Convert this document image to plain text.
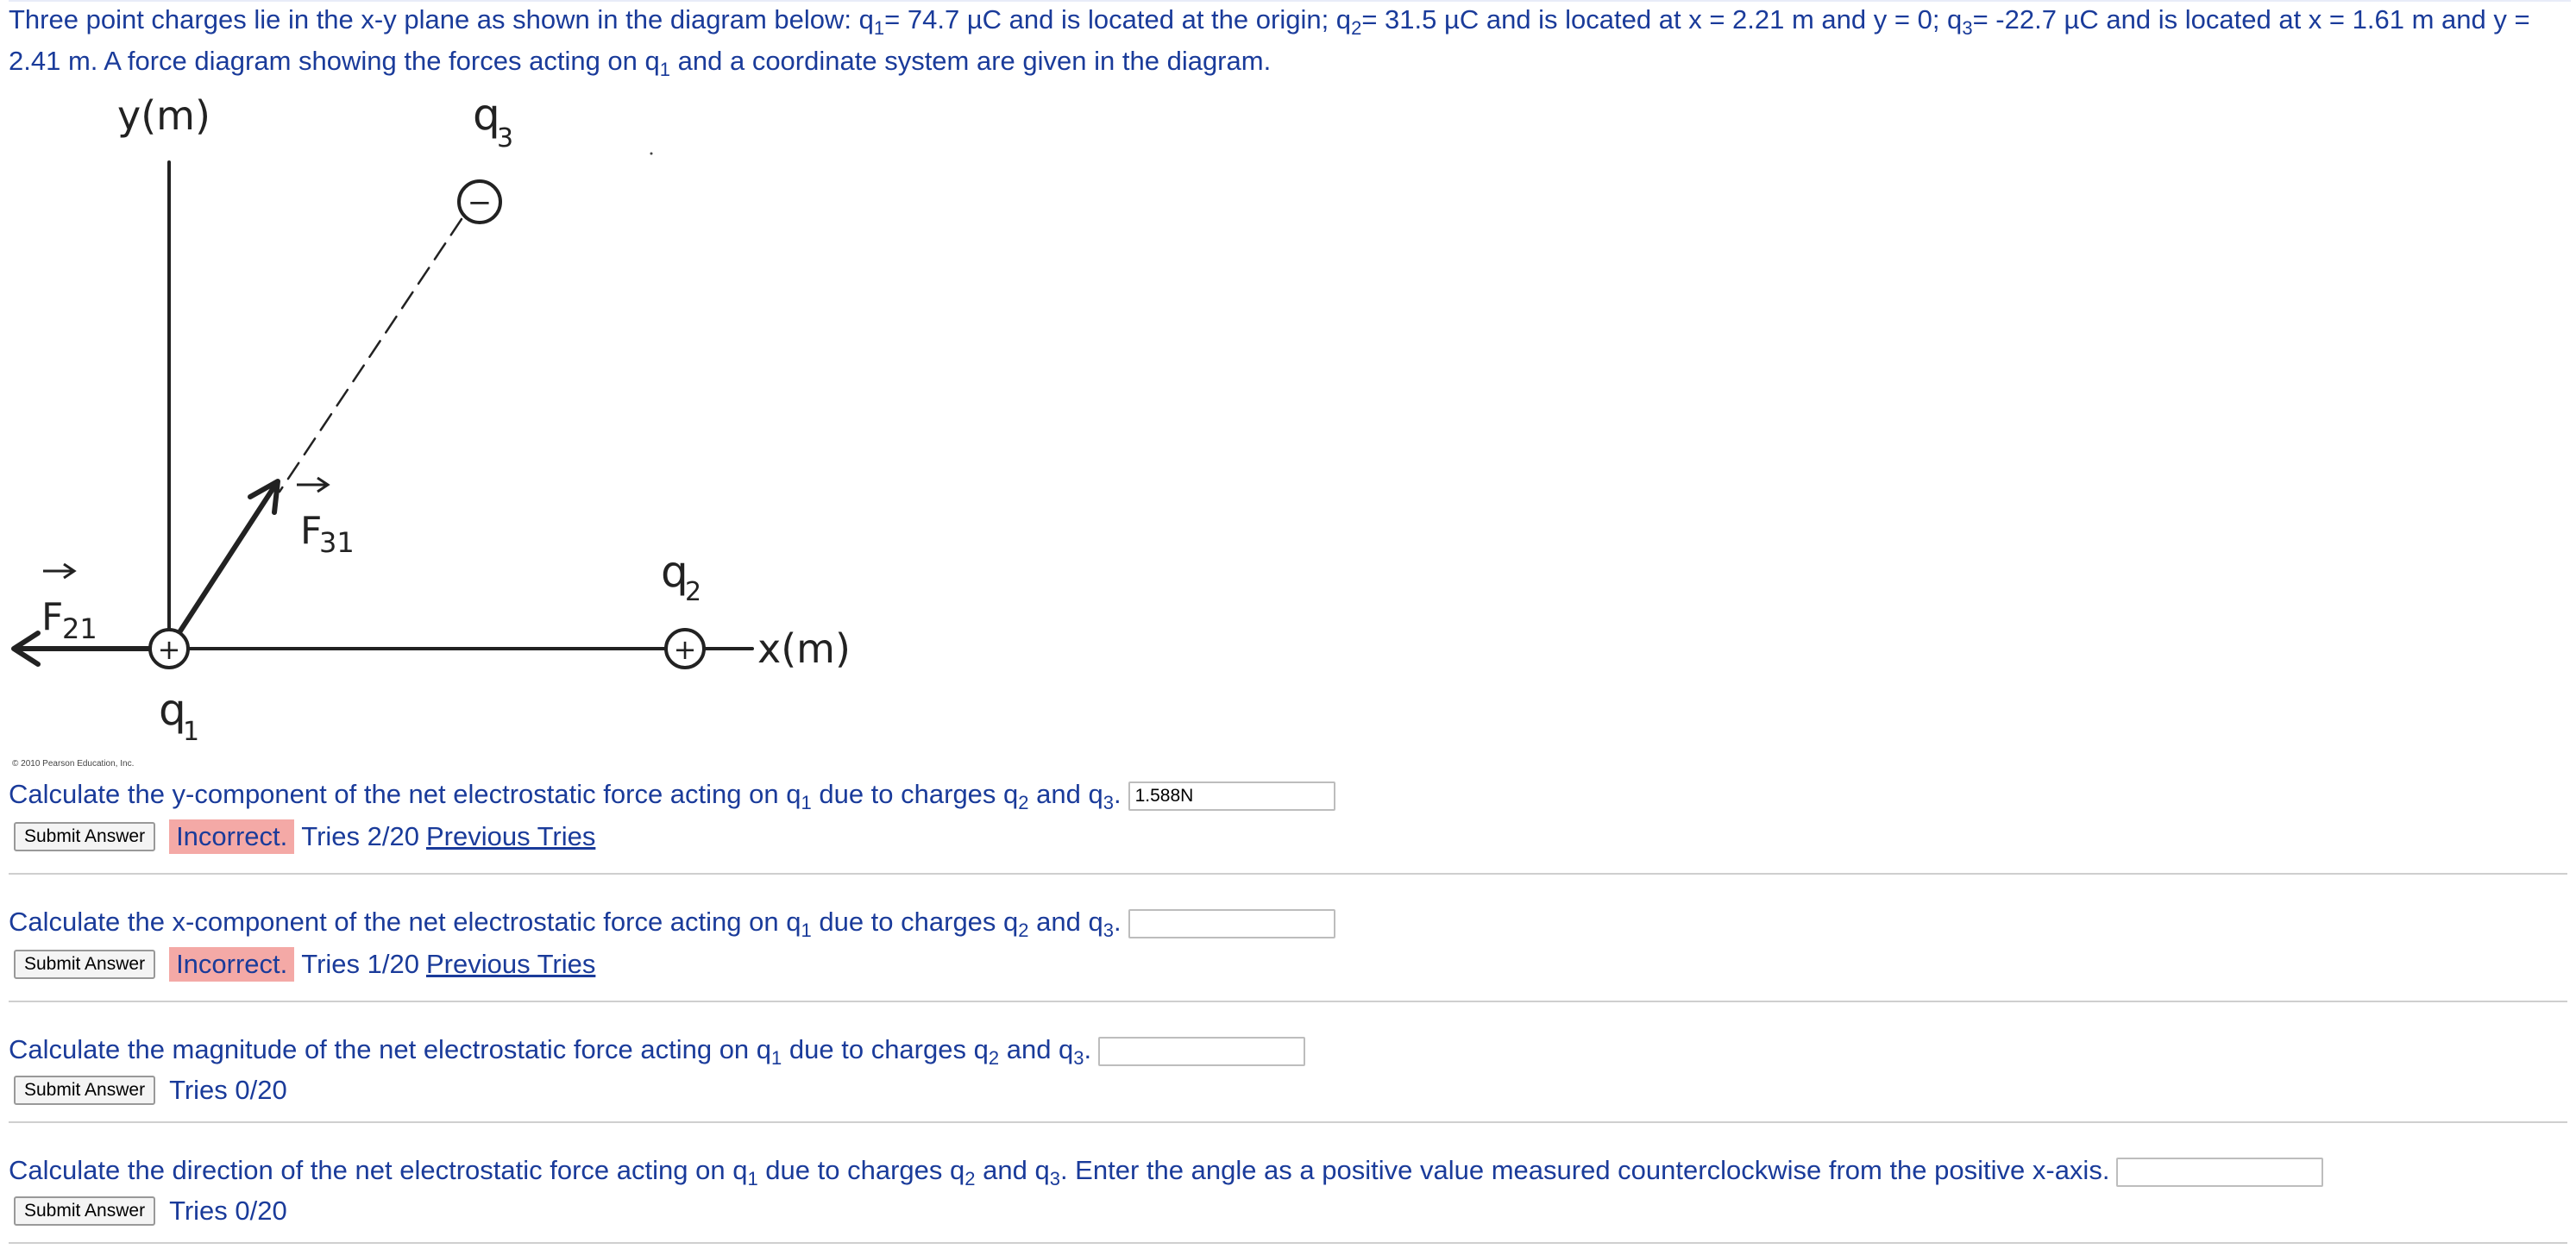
Three point charges lie in the x-y plane as shown in the diagram below: $q_1= 74.7$ µC and is located at the origin; $q_2= 31.5$ µC and is located at x = 2.21 m and y = 0; $q_3= -22.7$ µC and is located at x = 1.61 m and y = 2.41 m. A force diagram showing the forces acting on $q_1$ and a coordinate system are given in the diagram.
+	+
−
y(m)
x(m)
q
1
q
2
q
3
F
31
F
21
© 2010 Pearson Education, Inc.
Calculate the y-component of the net electrostatic force acting on $q_1$ due to charges $q_2$ and $q_3.1.588N$
Submit Answer	Incorrect. Tries 2/20 Previous Tries
Calculate the x-component of the net electrostatic force acting on $q_1$ due to charges $q_2$ and $q_3$.
Submit Answer	Incorrect. Tries 1/20 Previous Tries
Calculate the magnitude of the net electrostatic force acting on $q_1$ due to charges $q_2$ and $q_3$.
Submit Answer Tries 0/20
Calculate the direction of the net electrostatic force acting on $q_1$ due to charges $q_2$ and $q_3$. Enter the angle as a positive value measured counterclockwise from the positive x-axis.
Submit Answer Tries 0/20
